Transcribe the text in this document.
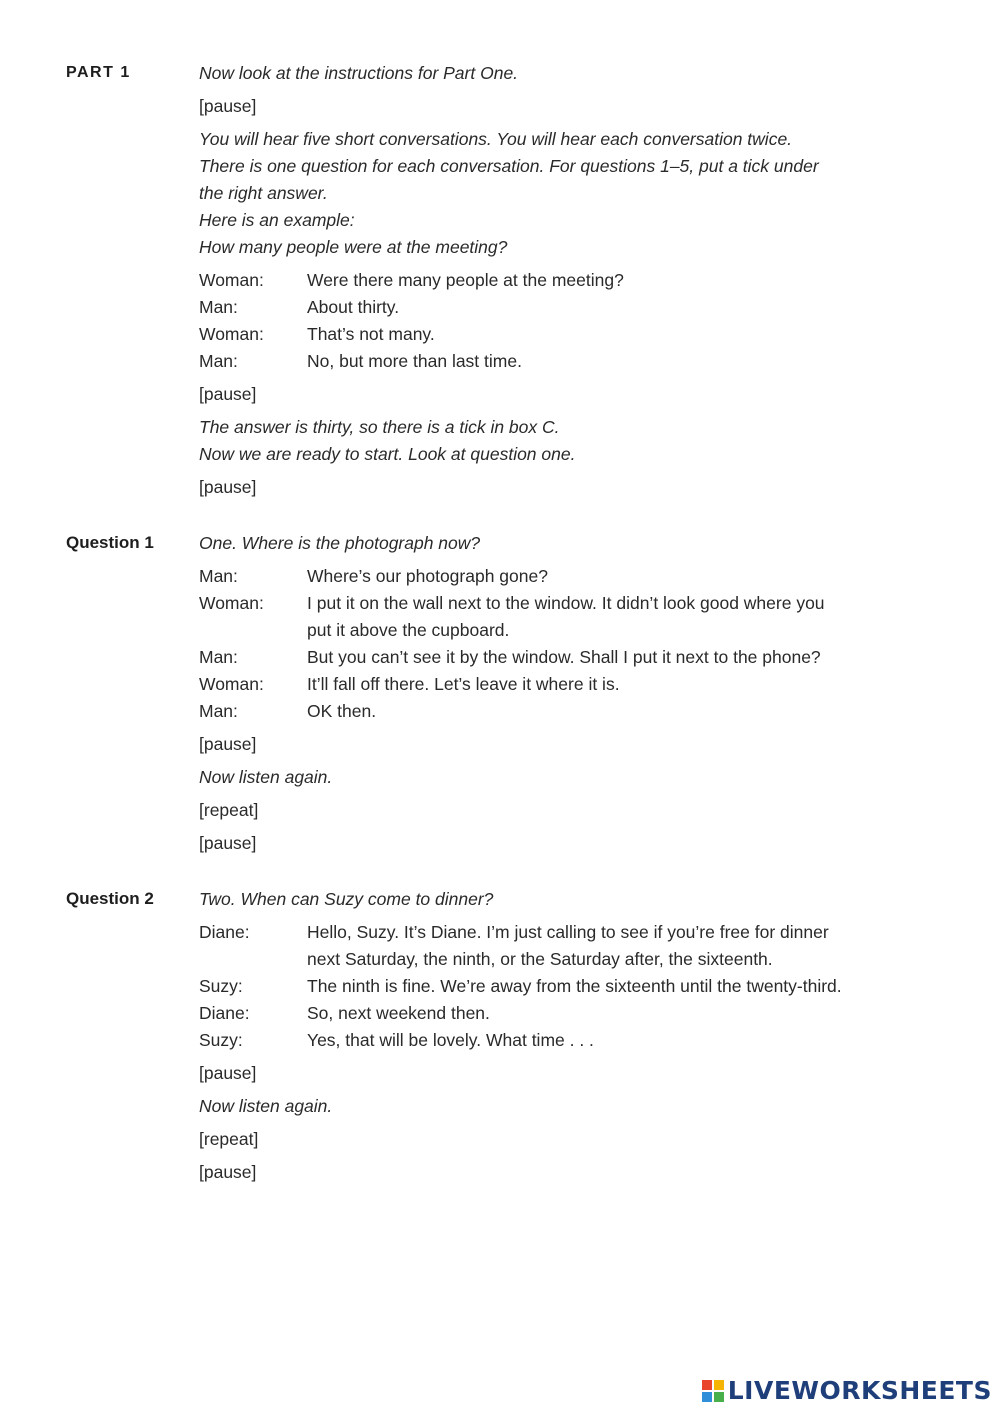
PART 1	Now look at the instructions for Part One.
[pause]
You will hear five short conversations. You will hear each conversation twice.
There is one question for each conversation. For questions 1–5, put a tick under
the right answer.
Here is an example:
How many people were at the meeting?
Woman:	Were there many people at the meeting?
Man:	About thirty.
Woman:	That’s not many.
Man:	No, but more than last time.
[pause]
The answer is thirty, so there is a tick in box C.
Now we are ready to start. Look at question one.
[pause]
Question 1	One. Where is the photograph now?
Man:	Where’s our photograph gone?
Woman:	I put it on the wall next to the window. It didn’t look good where you
put it above the cupboard.
Man:	But you can’t see it by the window. Shall I put it next to the phone?
Woman:	It’ll fall off there. Let’s leave it where it is.
Man:	OK then.
[pause]
Now listen again.
[repeat]
[pause]
Question 2	Two. When can Suzy come to dinner?
Diane:	Hello, Suzy. It’s Diane. I’m just calling to see if you’re free for dinner
next Saturday, the ninth, or the Saturday after, the sixteenth.
Suzy:	The ninth is fine. We’re away from the sixteenth until the twenty-third.
Diane:	So, next weekend then.
Suzy:	Yes, that will be lovely. What time . . .
[pause]
Now listen again.
[repeat]
[pause]
LIVEWORKSHEETS
